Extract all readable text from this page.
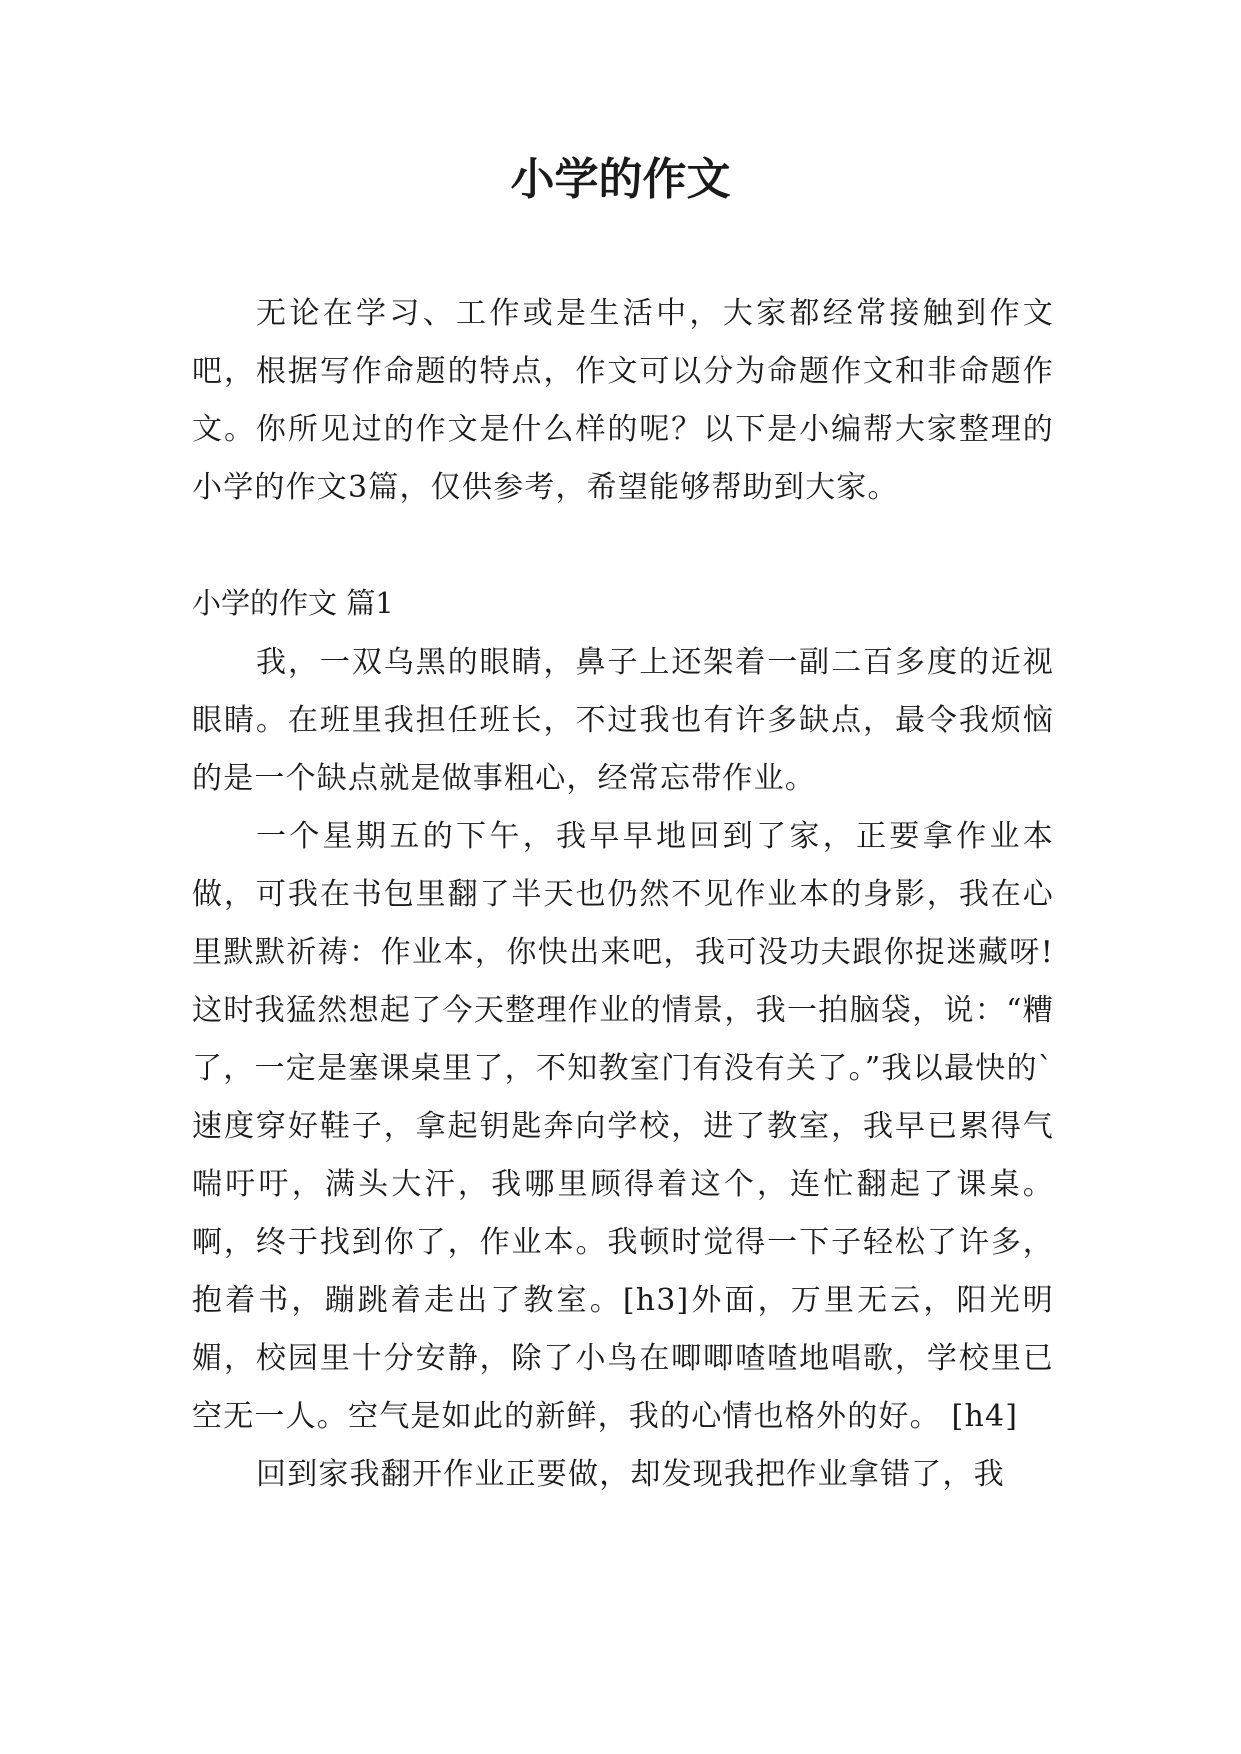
小学的作文

无论在学习、工作或是生活中，大家都经常接触到作文吧，根据写作命题的特点，作文可以分为命题作文和非命题作文。你所见过的作文是什么样的呢？以下是小编帮大家整理的小学的作文3篇，仅供参考，希望能够帮助到大家。

小学的作文 篇1

我，一双乌黑的眼睛，鼻子上还架着一副二百多度的近视眼睛。在班里我担任班长，不过我也有许多缺点，最令我烦恼的是一个缺点就是做事粗心，经常忘带作业。

一个星期五的下午，我早早地回到了家，正要拿作业本做，可我在书包里翻了半天也仍然不见作业本的身影，我在心里默默祈祷：作业本，你快出来吧，我可没功夫跟你捉迷藏呀!这时我猛然想起了今天整理作业的情景，我一拍脑袋，说：“糟了，一定是塞课桌里了，不知教室门有没有关了。”我以最快的`速度穿好鞋子，拿起钥匙奔向学校，进了教室，我早已累得气喘吁吁，满头大汗，我哪里顾得着这个，连忙翻起了课桌。啊，终于找到你了，作业本。我顿时觉得一下子轻松了许多，抱着书，蹦跳着走出了教室。[h3]外面，万里无云，阳光明媚，校园里十分安静，除了小鸟在唧唧喳喳地唱歌，学校里已空无一人。空气是如此的新鲜，我的心情也格外的好。 [h4]

回到家我翻开作业正要做，却发现我把作业拿错了，我
